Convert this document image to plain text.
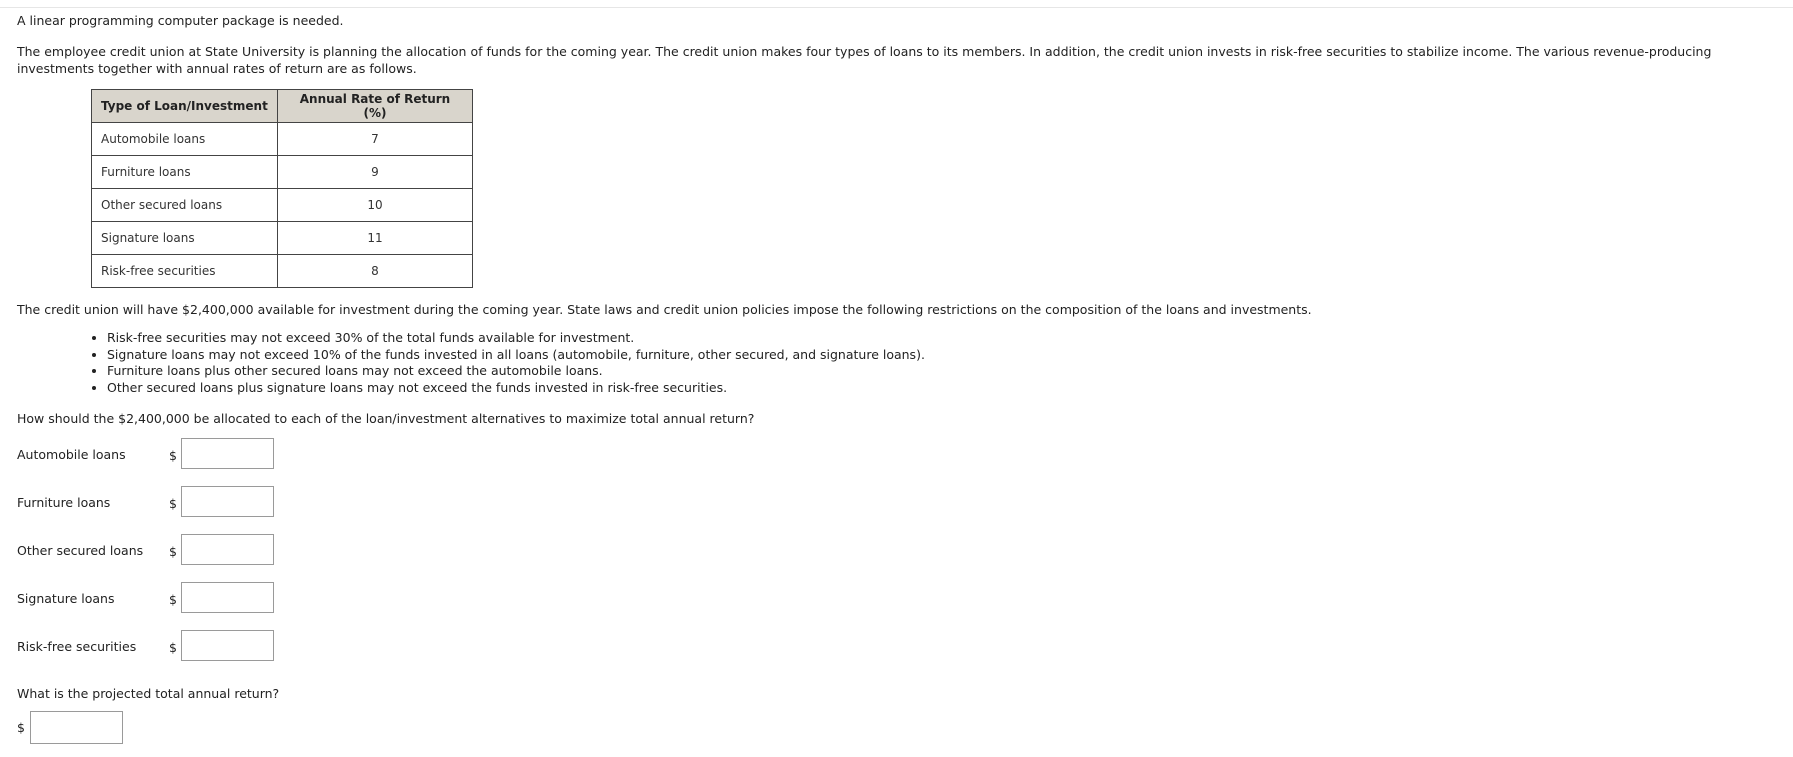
A linear programming computer package is needed.
The employee credit union at State University is planning the allocation of funds for the coming year. The credit union makes four types of loans to its members. In addition, the credit union invests in risk-free securities to stabilize income. The various revenue-producing investments together with annual rates of return are as follows.
Type of Loan/Investment	Annual Rate of Return (%)
Automobile loans	7
Furniture loans	9
Other secured loans	10
Signature loans	11
Risk-free securities	8
The credit union will have $2,400,000 available for investment during the coming year. State laws and credit union policies impose the following restrictions on the composition of the loans and investments.
• Risk-free securities may not exceed 30% of the total funds available for investment.
• Signature loans may not exceed 10% of the funds invested in all loans (automobile, furniture, other secured, and signature loans).
• Furniture loans plus other secured loans may not exceed the automobile loans.
• Other secured loans plus signature loans may not exceed the funds invested in risk-free securities.
How should the $2,400,000 be allocated to each of the loan/investment alternatives to maximize total annual return?
Automobile loans	$
Furniture loans	$
Other secured loans $
Signature loans	$
Risk-free securities	$
What is the projected total annual return?
$
